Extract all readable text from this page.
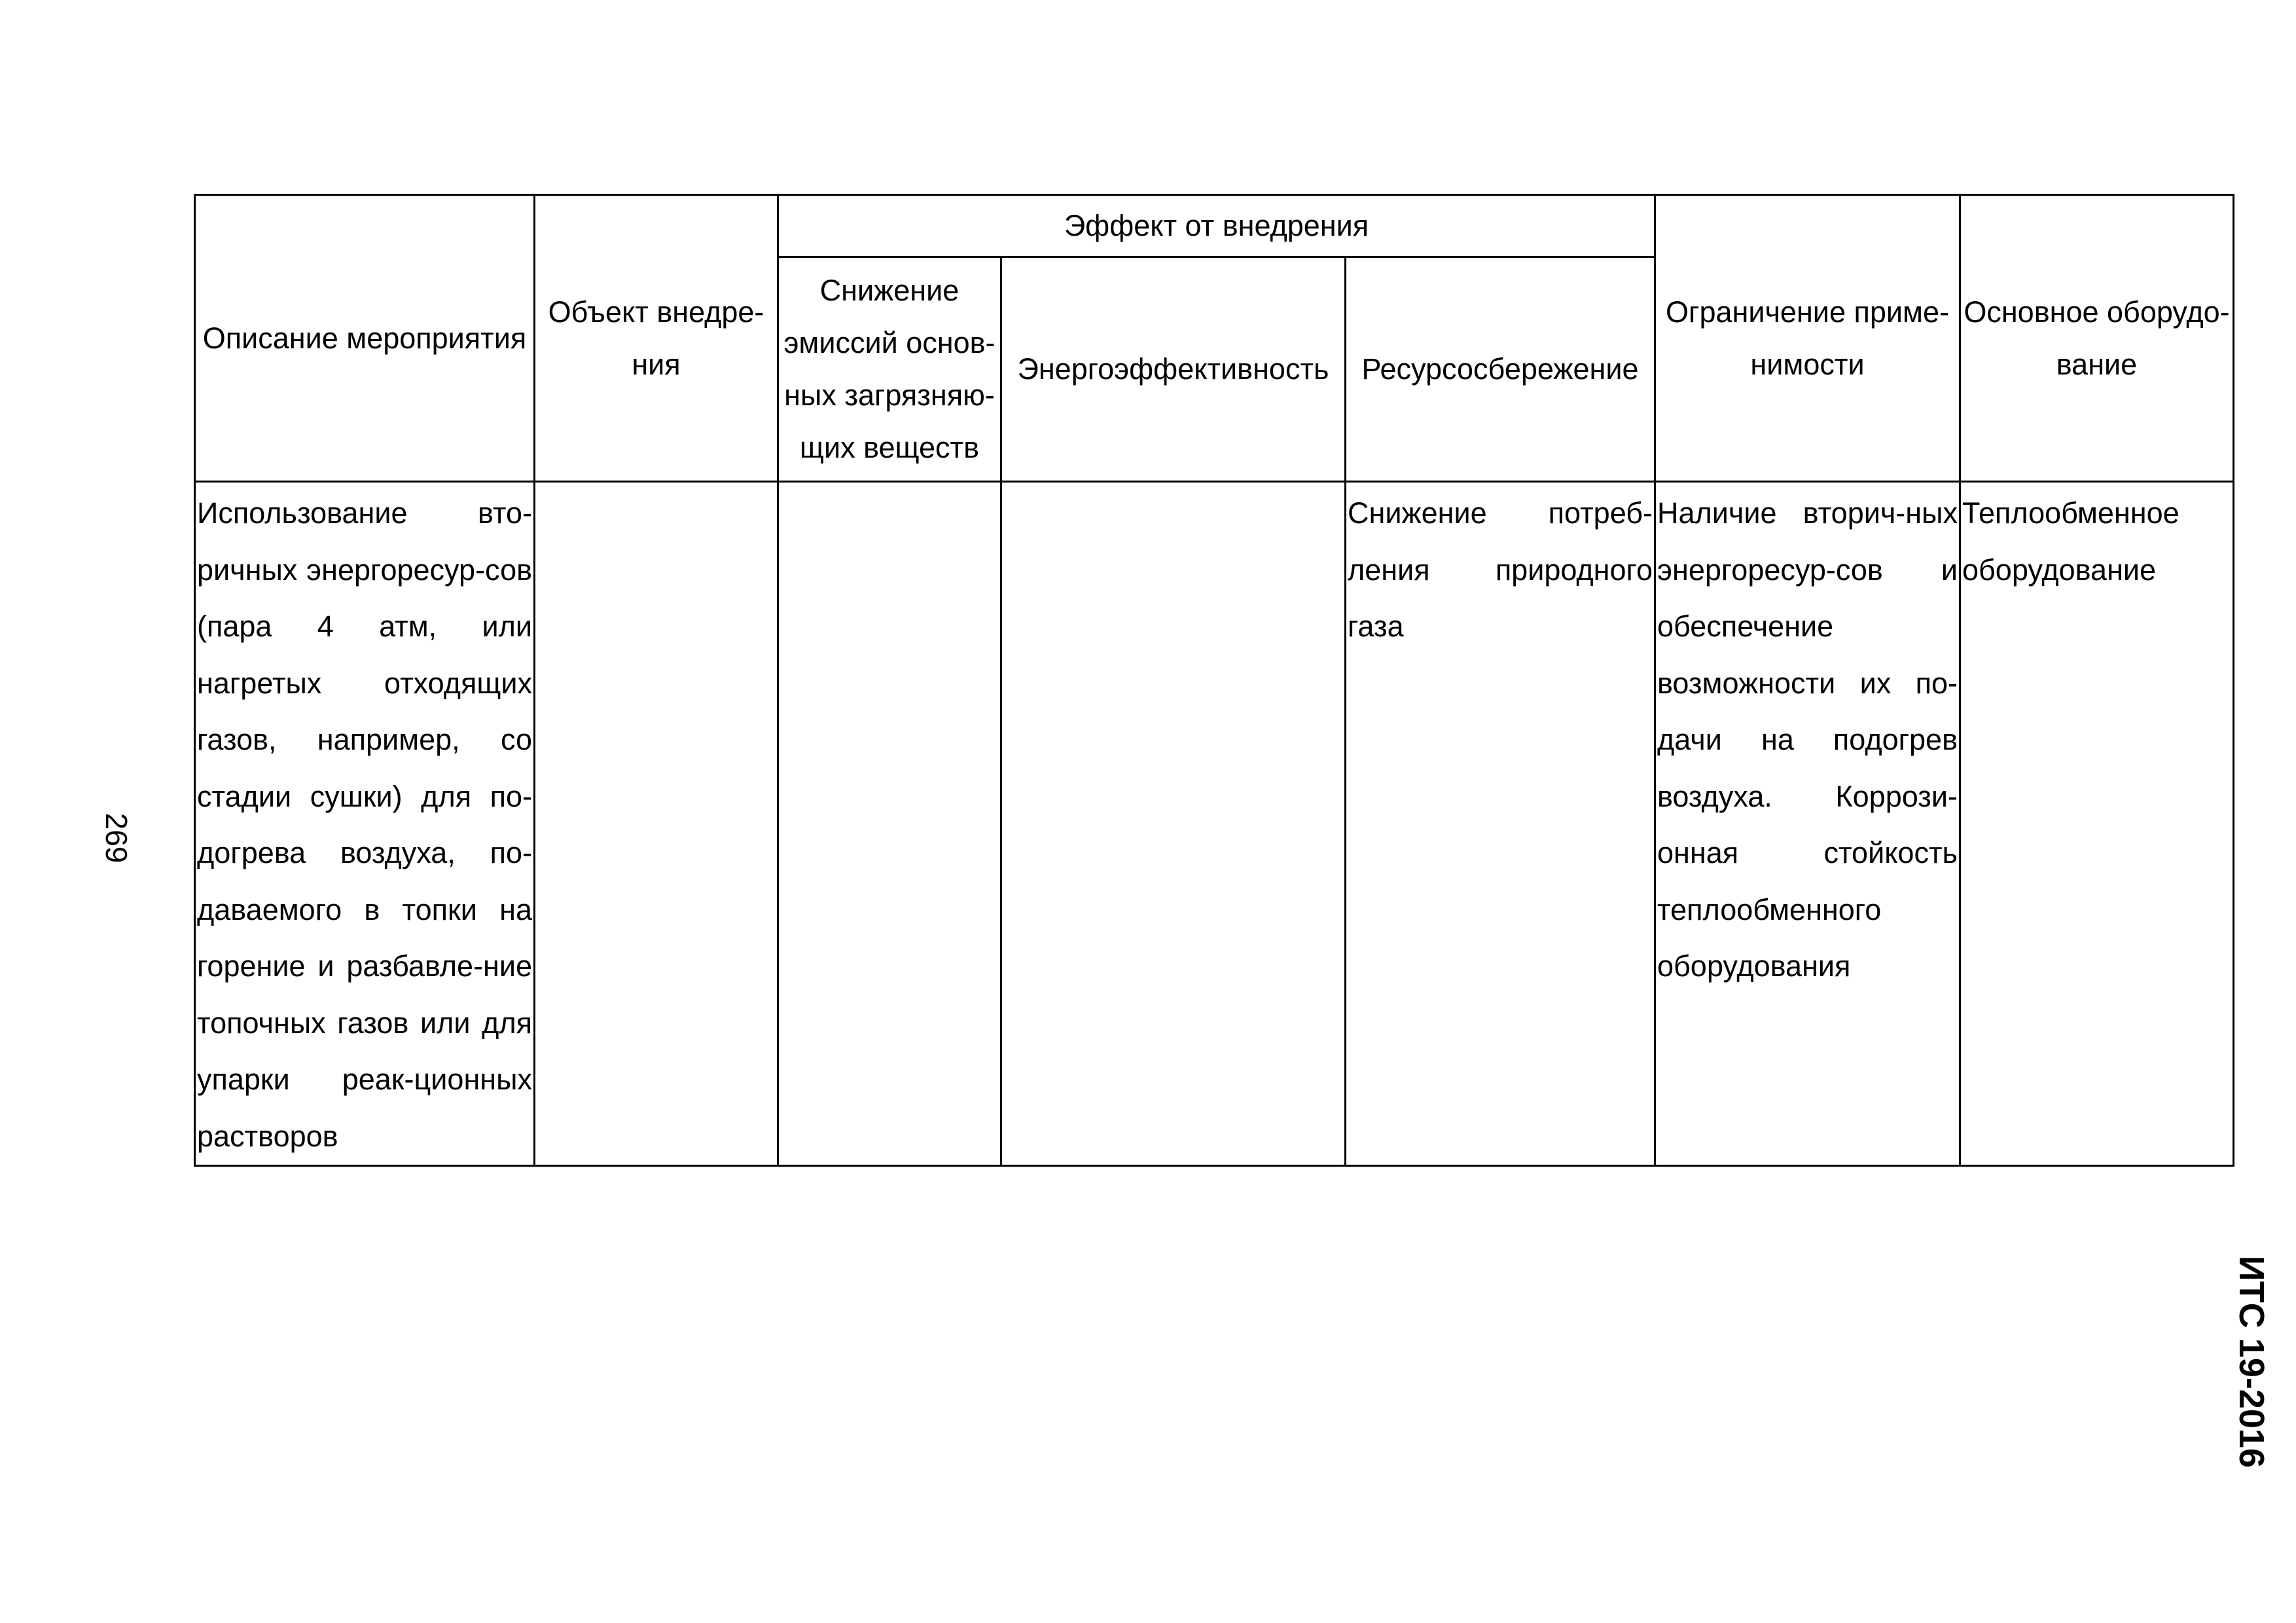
269
ИТС 19-2016
Описание мероприятия	Объект внедре-ния	Эффект от внедрения			Ограничение приме-нимости	Основное оборудо-вание

		Снижение эмиссий основ-ных загрязняю-щих веществ	Энергоэффективность	Ресурсосбережение		

Использование вто-ричных энергоресур-сов (пара 4 атм, или нагретых отходящих газов, например, со стадии сушки) для по-догрева воздуха, по-даваемого в топки на горение и разбавле-ние топочных газов или для упарки реак-ционных растворов				Снижение потреб-ления природного газа	Наличие вторич-ных энергоресур-сов и обеспечение возможности их по-дачи на подогрев воздуха. Коррози-онная стойкость теплообменного оборудования	Теплообменное оборудование
